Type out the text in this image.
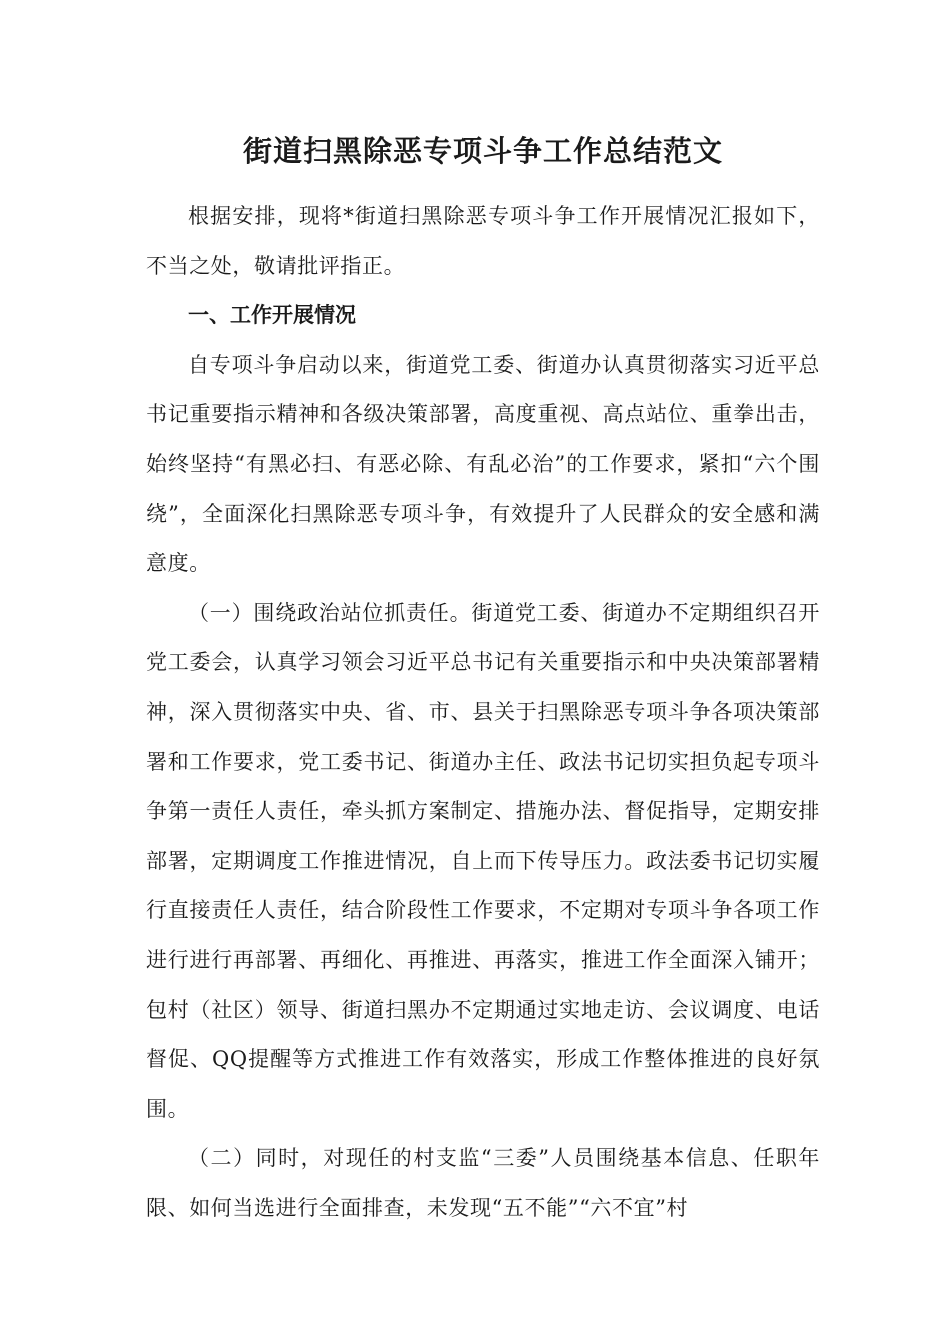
街道扫黑除恶专项斗争工作总结范文

根据安排，现将*街道扫黑除恶专项斗争工作开展情况汇报如下，不当之处，敬请批评指正。

一、工作开展情况

自专项斗争启动以来，街道党工委、街道办认真贯彻落实习近平总书记重要指示精神和各级决策部署，高度重视、高点站位、重拳出击，始终坚持“有黑必扫、有恶必除、有乱必治”的工作要求，紧扣“六个围绕”，全面深化扫黑除恶专项斗争，有效提升了人民群众的安全感和满意度。

（一）围绕政治站位抓责任。街道党工委、街道办不定期组织召开党工委会，认真学习领会习近平总书记有关重要指示和中央决策部署精神，深入贯彻落实中央、省、市、县关于扫黑除恶专项斗争各项决策部署和工作要求，党工委书记、街道办主任、政法书记切实担负起专项斗争第一责任人责任，牵头抓方案制定、措施办法、督促指导，定期安排部署，定期调度工作推进情况，自上而下传导压力。政法委书记切实履行直接责任人责任，结合阶段性工作要求，不定期对专项斗争各项工作进行进行再部署、再细化、再推进、再落实，推进工作全面深入铺开；包村（社区）领导、街道扫黑办不定期通过实地走访、会议调度、电话督促、QQ提醒等方式推进工作有效落实，形成工作整体推进的良好氛围。

（二）同时，对现任的村支监“三委”人员围绕基本信息、任职年限、如何当选进行全面排查，未发现“五不能”“六不宜”村
